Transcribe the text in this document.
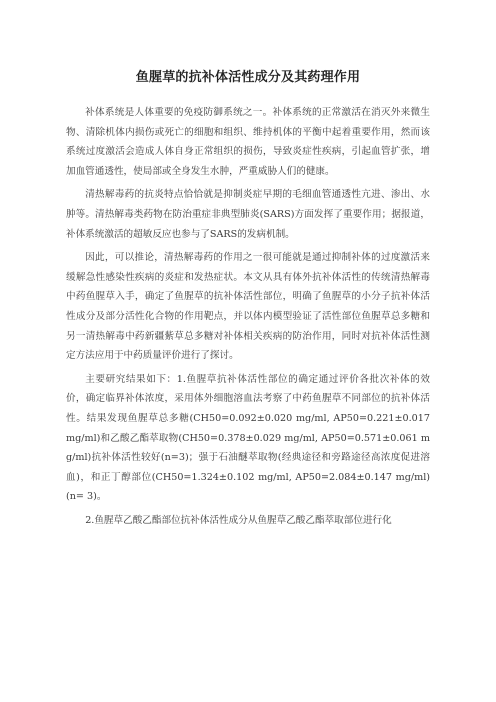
鱼腥草的抗补体活性成分及其药理作用

补体系统是人体重要的免疫防御系统之一。补体系统的正常激活在消灭外来微生物、清除机体内损伤或死亡的细胞和组织、维持机体的平衡中起着重要作用，然而该系统过度激活会造成人体自身正常组织的损伤，导致炎症性疾病，引起血管扩张，增加血管通透性，使局部或全身发生水肿，严重威胁人们的健康。

清热解毒药的抗炎特点恰恰就是抑制炎症早期的毛细血管通透性亢进、渗出、水肿等。清热解毒类药物在防治重症非典型肺炎(SARS)方面发挥了重要作用；据报道，补体系统激活的超敏反应也参与了SARS的发病机制。

因此，可以推论，清热解毒药的作用之一很可能就是通过抑制补体的过度激活来缓解急性感染性疾病的炎症和发热症状。本文从具有体外抗补体活性的传统清热解毒中药鱼腥草入手，确定了鱼腥草的抗补体活性部位，明确了鱼腥草的小分子抗补体活性成分及部分活性化合物的作用靶点，并以体内模型验证了活性部位鱼腥草总多糖和另一清热解毒中药新疆紫草总多糖对补体相关疾病的防治作用，同时对抗补体活性测定方法应用于中药质量评价进行了探讨。

主要研究结果如下：1.鱼腥草抗补体活性部位的确定通过评价各批次补体的效价，确定临界补体浓度，采用体外细胞溶血法考察了中药鱼腥草不同部位的抗补体活性。结果发现鱼腥草总多糖(CH50=0.092±0.020 mg/ml, AP50=0.221±0.017 mg/ml)和乙酸乙酯萃取物(CH50=0.378±0.029 mg/ml, AP50=0.571±0.061 mg/ml)抗补体活性较好(n=3)；强于石油醚萃取物(经典途径和旁路途径高浓度促进溶血)，和正丁醇部位(CH50=1.324±0.102 mg/ml, AP50=2.084±0.147 mg/ml) (n= 3)。

2.鱼腥草乙酸乙酯部位抗补体活性成分从鱼腥草乙酸乙酯萃取部位进行化
